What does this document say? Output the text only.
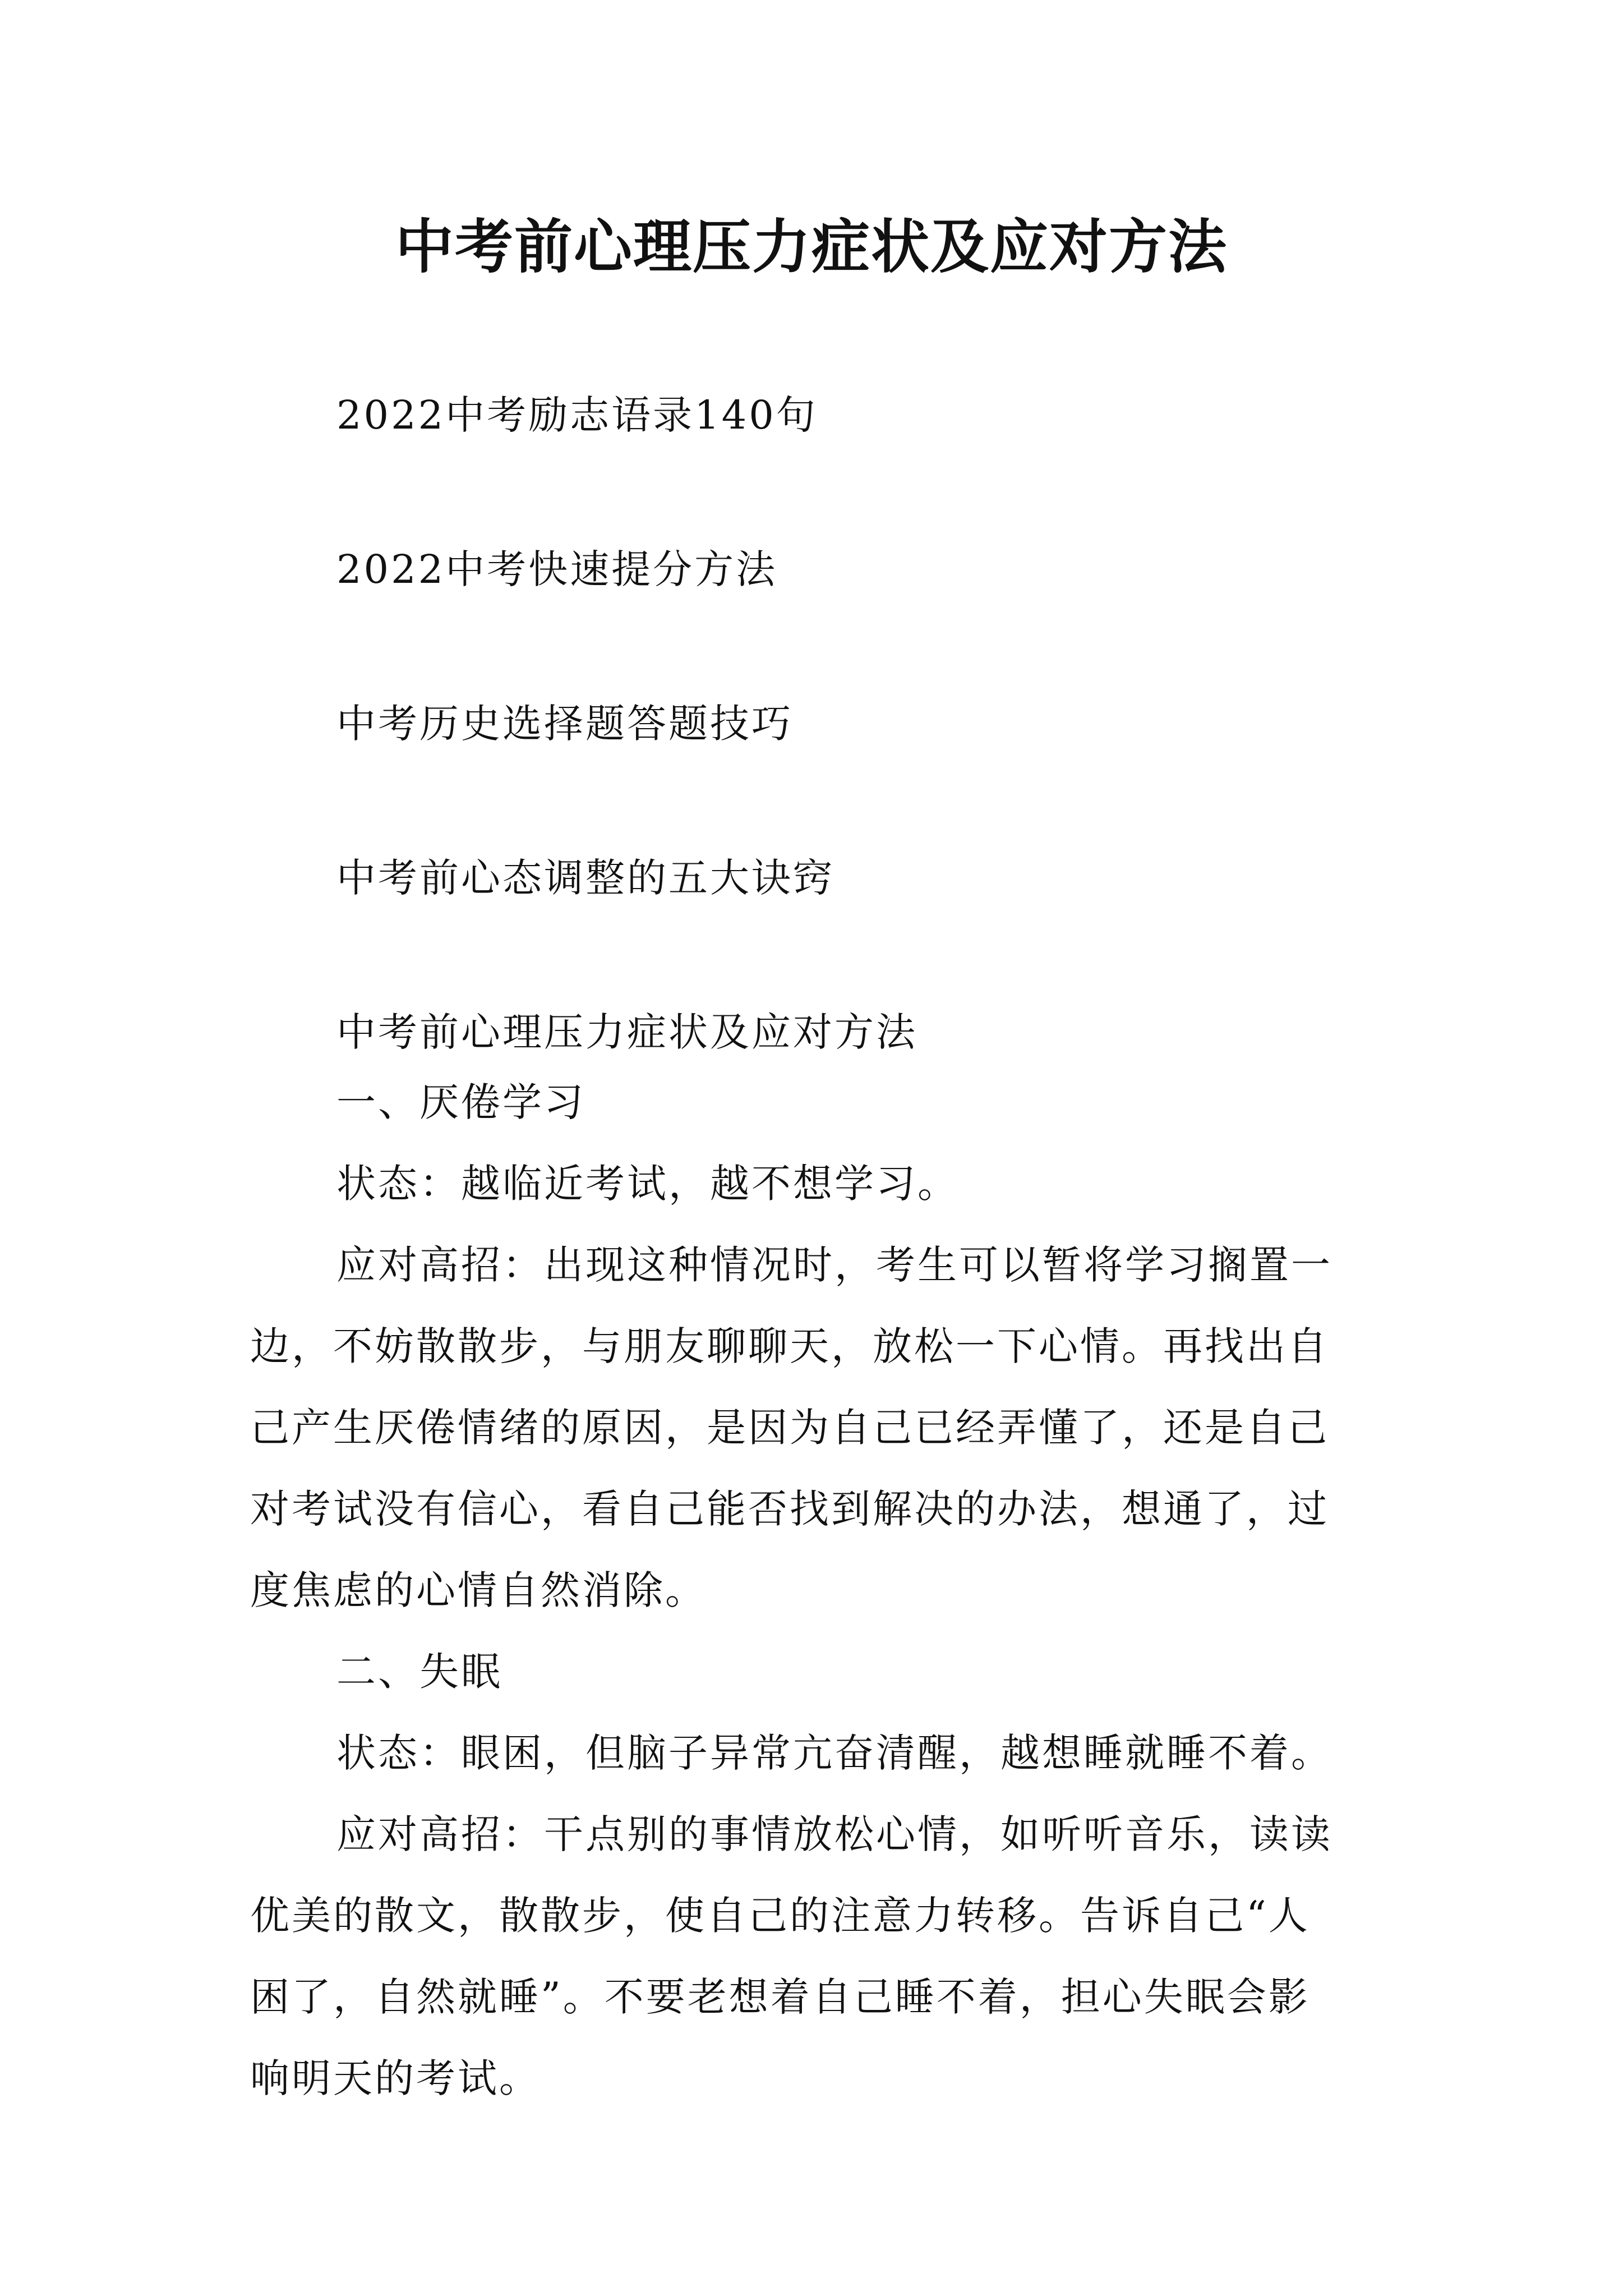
中考前心理压力症状及应对方法
2022中考励志语录140句
2022中考快速提分方法
中考历史选择题答题技巧
中考前心态调整的五大诀窍
中考前心理压力症状及应对方法
一、厌倦学习
状态：越临近考试，越不想学习。
应对高招：出现这种情况时，考生可以暂将学习搁置一
边，不妨散散步，与朋友聊聊天，放松一下心情。再找出自
己产生厌倦情绪的原因，是因为自己已经弄懂了，还是自己
对考试没有信心，看自己能否找到解决的办法，想通了，过
度焦虑的心情自然消除。
二、失眠
状态：眼困，但脑子异常亢奋清醒，越想睡就睡不着。
应对高招：干点别的事情放松心情，如听听音乐，读读
优美的散文，散散步，使自己的注意力转移。告诉自己“人
困了，自然就睡”。不要老想着自己睡不着，担心失眠会影
响明天的考试。
